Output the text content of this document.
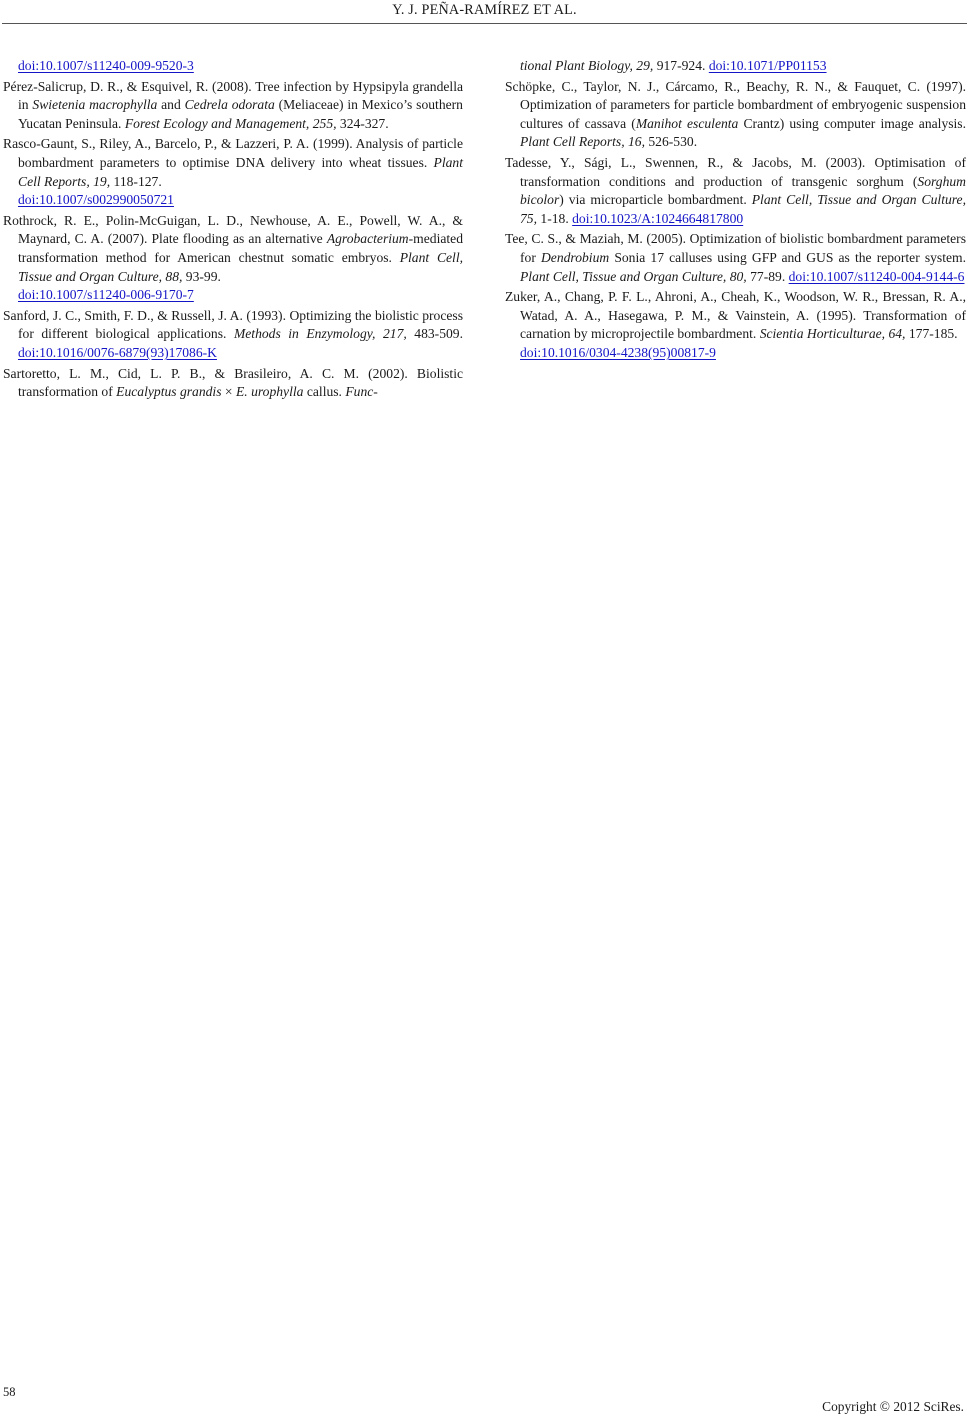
Y. J. PEÑA-RAMÍREZ ET AL.

doi:10.1007/s11240-009-9520-3

Pérez-Salicrup, D. R., & Esquivel, R. (2008). Tree infection by Hypsipyla grandella in Swietenia macrophylla and Cedrela odorata (Meliaceae) in Mexico’s southern Yucatan Peninsula. Forest Ecology and Management, 255, 324-327.

Rasco-Gaunt, S., Riley, A., Barcelo, P., & Lazzeri, P. A. (1999). Analysis of particle bombardment parameters to optimise DNA delivery into wheat tissues. Plant Cell Reports, 19, 118-127.
doi:10.1007/s002990050721

Rothrock, R. E., Polin-McGuigan, L. D., Newhouse, A. E., Powell, W. A., & Maynard, C. A. (2007). Plate flooding as an alternative Agrobacterium-mediated transformation method for American chestnut somatic embryos. Plant Cell, Tissue and Organ Culture, 88, 93-99.
doi:10.1007/s11240-006-9170-7

Sanford, J. C., Smith, F. D., & Russell, J. A. (1993). Optimizing the biolistic process for different biological applications. Methods in Enzymology, 217, 483-509. doi:10.1016/0076-6879(93)17086-K

Sartoretto, L. M., Cid, L. P. B., & Brasileiro, A. C. M. (2002). Biolistic transformation of Eucalyptus grandis × E. urophylla callus. Func-

tional Plant Biology, 29, 917-924. doi:10.1071/PP01153

Schöpke, C., Taylor, N. J., Cárcamo, R., Beachy, R. N., & Fauquet, C. (1997). Optimization of parameters for particle bombardment of embryogenic suspension cultures of cassava (Manihot esculenta Crantz) using computer image analysis. Plant Cell Reports, 16, 526-530.

Tadesse, Y., Sági, L., Swennen, R., & Jacobs, M. (2003). Optimisation of transformation conditions and production of transgenic sorghum (Sorghum bicolor) via microparticle bombardment. Plant Cell, Tissue and Organ Culture, 75, 1-18. doi:10.1023/A:1024664817800

Tee, C. S., & Maziah, M. (2005). Optimization of biolistic bombardment parameters for Dendrobium Sonia 17 calluses using GFP and GUS as the reporter system. Plant Cell, Tissue and Organ Culture, 80, 77-89. doi:10.1007/s11240-004-9144-6

Zuker, A., Chang, P. F. L., Ahroni, A., Cheah, K., Woodson, W. R., Bressan, R. A., Watad, A. A., Hasegawa, P. M., & Vainstein, A. (1995). Transformation of carnation by microprojectile bombardment. Scientia Horticulturae, 64, 177-185.
doi:10.1016/0304-4238(95)00817-9

58
Copyright © 2012 SciRes.
